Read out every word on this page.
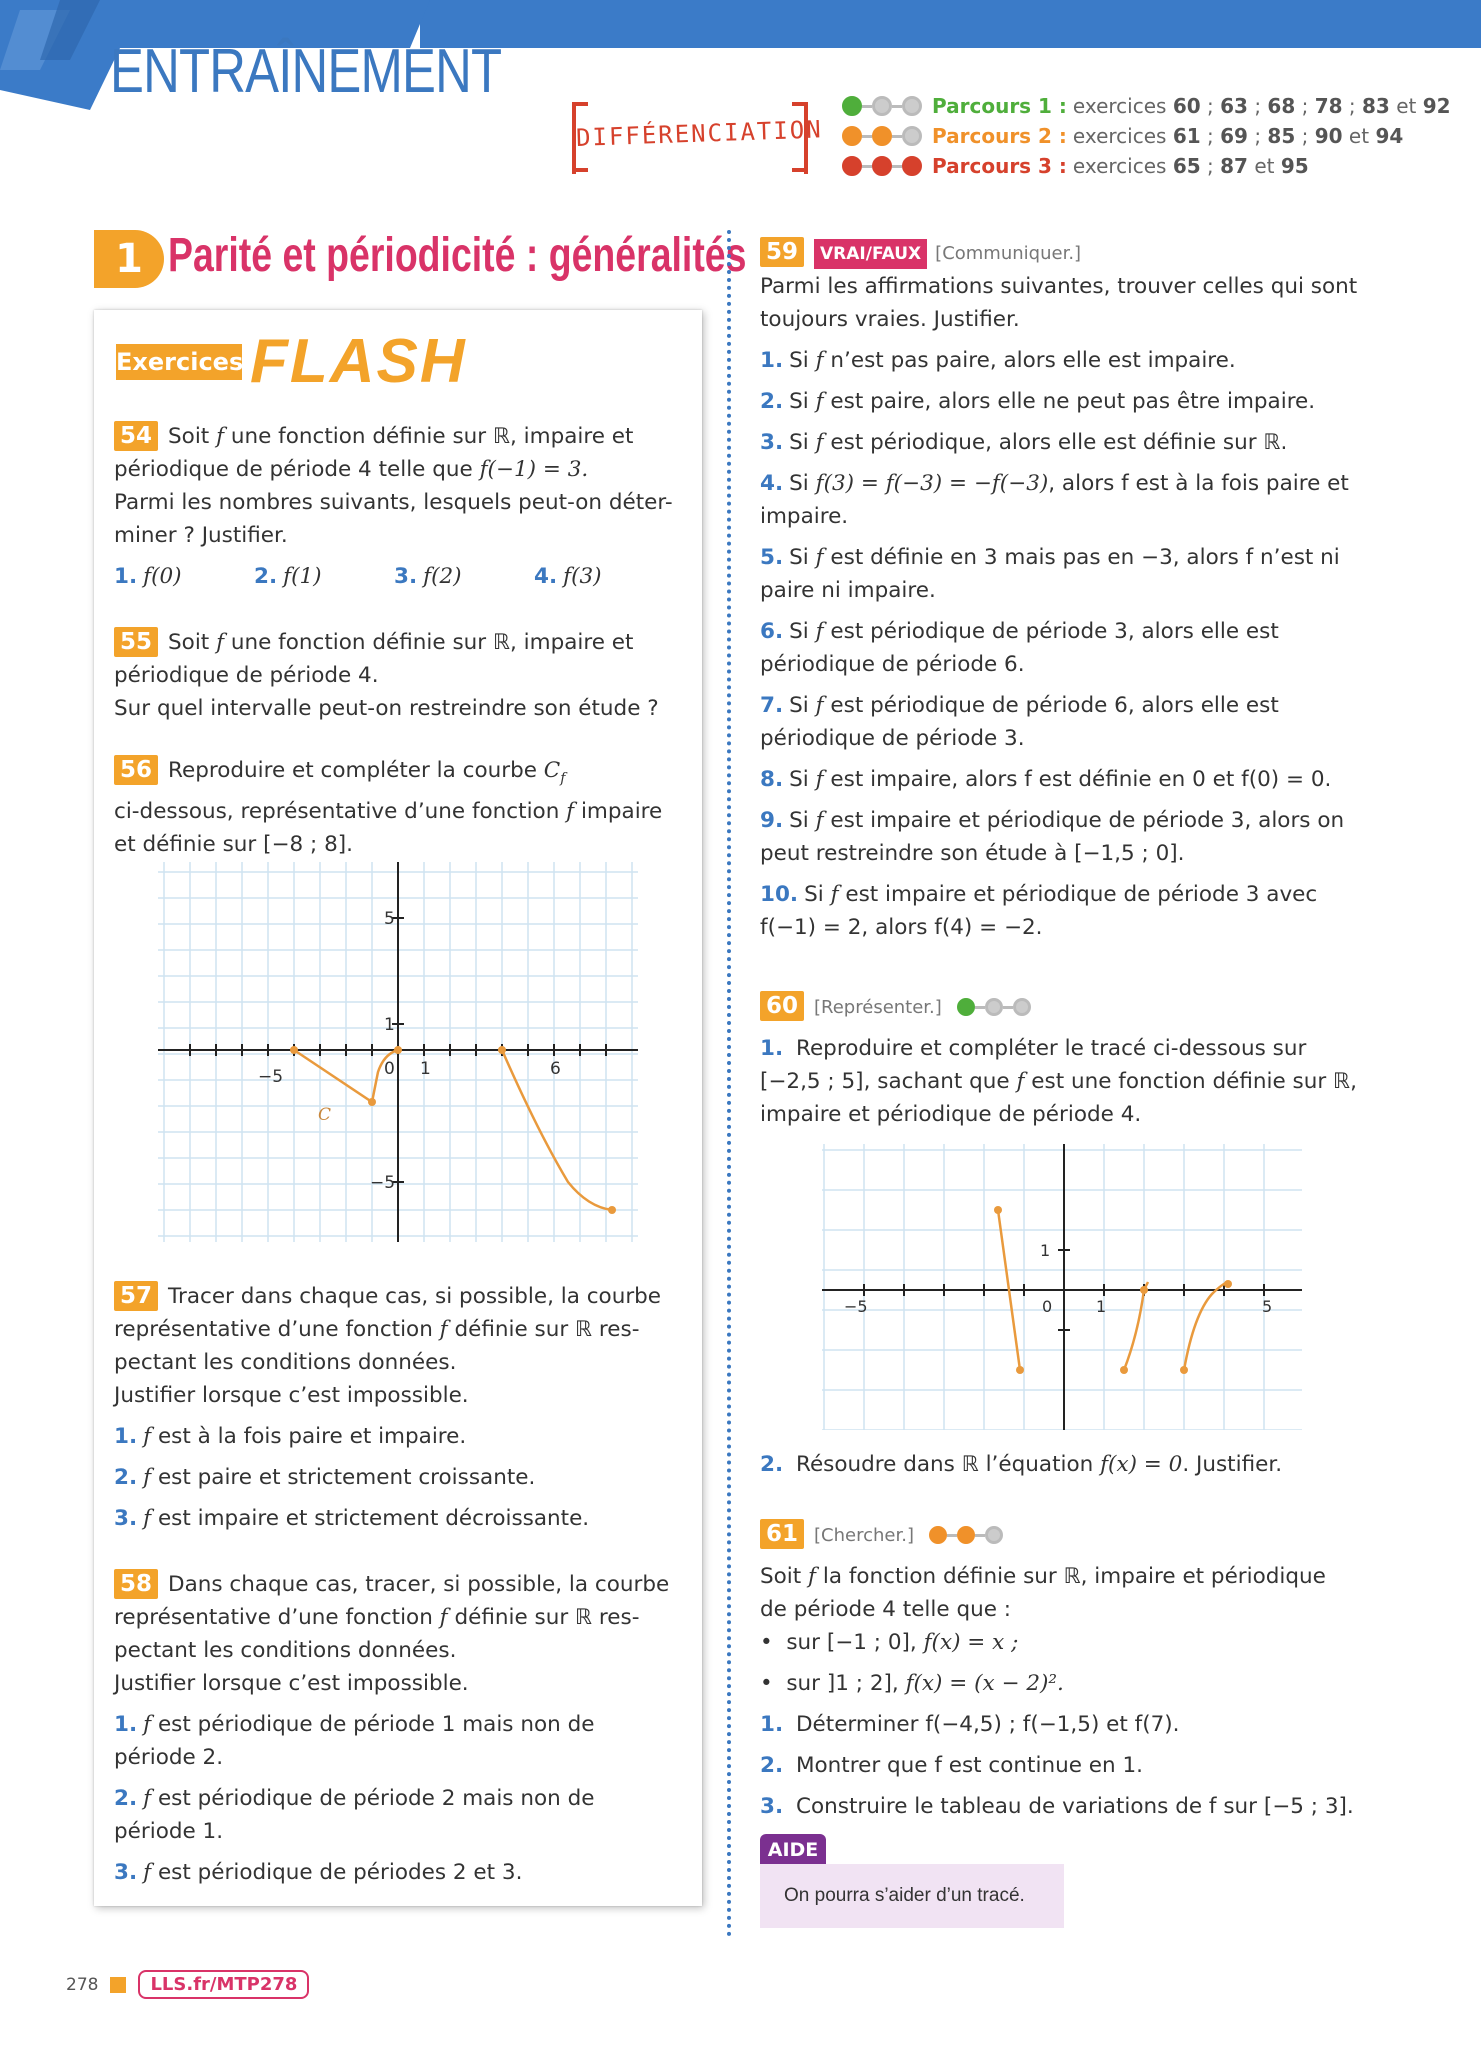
ENTRAÎNEMENT
DIFFÉRENCIATION
Parcours 1 : exercices
60 ; 63 ; 68 ; 78 ; 83 et 92
Parcours 2 : exercices
61 ; 69 ; 85 ; 90 et 94
Parcours 3 : exercices
65 ; 87 et 95
1 Parité et périodicité : généralités
Exercices FLASH
54 Soit f une fonction définie sur ℝ, impaire et
périodique de période 4 telle que f(−1) = 3.
Parmi les nombres suivants, lesquels peut-on déter-
miner ? Justifier.
1. f(0)	2. f(1)	3. f(2)	4. f(3)
55 Soit f une fonction définie sur ℝ, impaire et
périodique de période 4.
Sur quel intervalle peut-on restreindre son étude ?
56 Reproduire et compléter la courbe $C_f$
ci-dessous, représentative d’une fonction f impaire
et définie sur [−8 ; 8].
5
1
−5
0 1	6
−5
C
57 Tracer dans chaque cas, si possible, la courbe
représentative d’une fonction f définie sur ℝ res-
pectant les conditions données.
Justifier lorsque c’est impossible.
1. f est à la fois paire et impaire.
2. f est paire et strictement croissante.
3. f est impaire et strictement décroissante.
58 Dans chaque cas, tracer, si possible, la courbe
représentative d’une fonction f définie sur ℝ res-
pectant les conditions données.
Justifier lorsque c’est impossible.
1. f est périodique de période 1 mais non de
période 2.
2. f est périodique de période 2 mais non de
période 1.
3. f est périodique de périodes 2 et 3.
59 VRAI/FAUX [Communiquer.]
Parmi les affirmations suivantes, trouver celles qui sont
toujours vraies. Justifier.
1. Si f n’est pas paire, alors elle est impaire.
2. Si f est paire, alors elle ne peut pas être impaire.
3. Si f est périodique, alors elle est définie sur ℝ.
4. Si f(3) = f(−3) = −f(−3), alors f est à la fois paire et
impaire.
5. Si f est définie en 3 mais pas en −3, alors f n’est ni
paire ni impaire.
6. Si f est périodique de période 3, alors elle est
périodique de période 6.
7. Si f est périodique de période 6, alors elle est
périodique de période 3.
8. Si f est impaire, alors f est définie en 0 et f(0) = 0.
9. Si f est impaire et périodique de période 3, alors on
peut restreindre son étude à [−1,5 ; 0].
10. Si f est impaire et périodique de période 3 avec
f(−1) = 2, alors f(4) = −2.
60 [Représenter.]
1. Reproduire et compléter le tracé ci-dessous sur
[−2,5 ; 5], sachant que f est une fonction définie sur ℝ,
impaire et périodique de période 4.
1
−5	0	1	5
2. Résoudre dans ℝ l’équation f(x) = 0. Justifier.
61 [Chercher.]
Soit f la fonction définie sur ℝ, impaire et périodique
de période 4 telle que :
• sur [−1 ; 0], f(x) = x ;
• sur ]1 ; 2], f(x) = (x − 2)².
1. Déterminer f(−4,5) ; f(−1,5) et f(7).
2. Montrer que f est continue en 1.
3. Construire le tableau de variations de f sur [−5 ; 3].
AIDE
On pourra s’aider d’un tracé.
278	LLS.fr/MTP278
